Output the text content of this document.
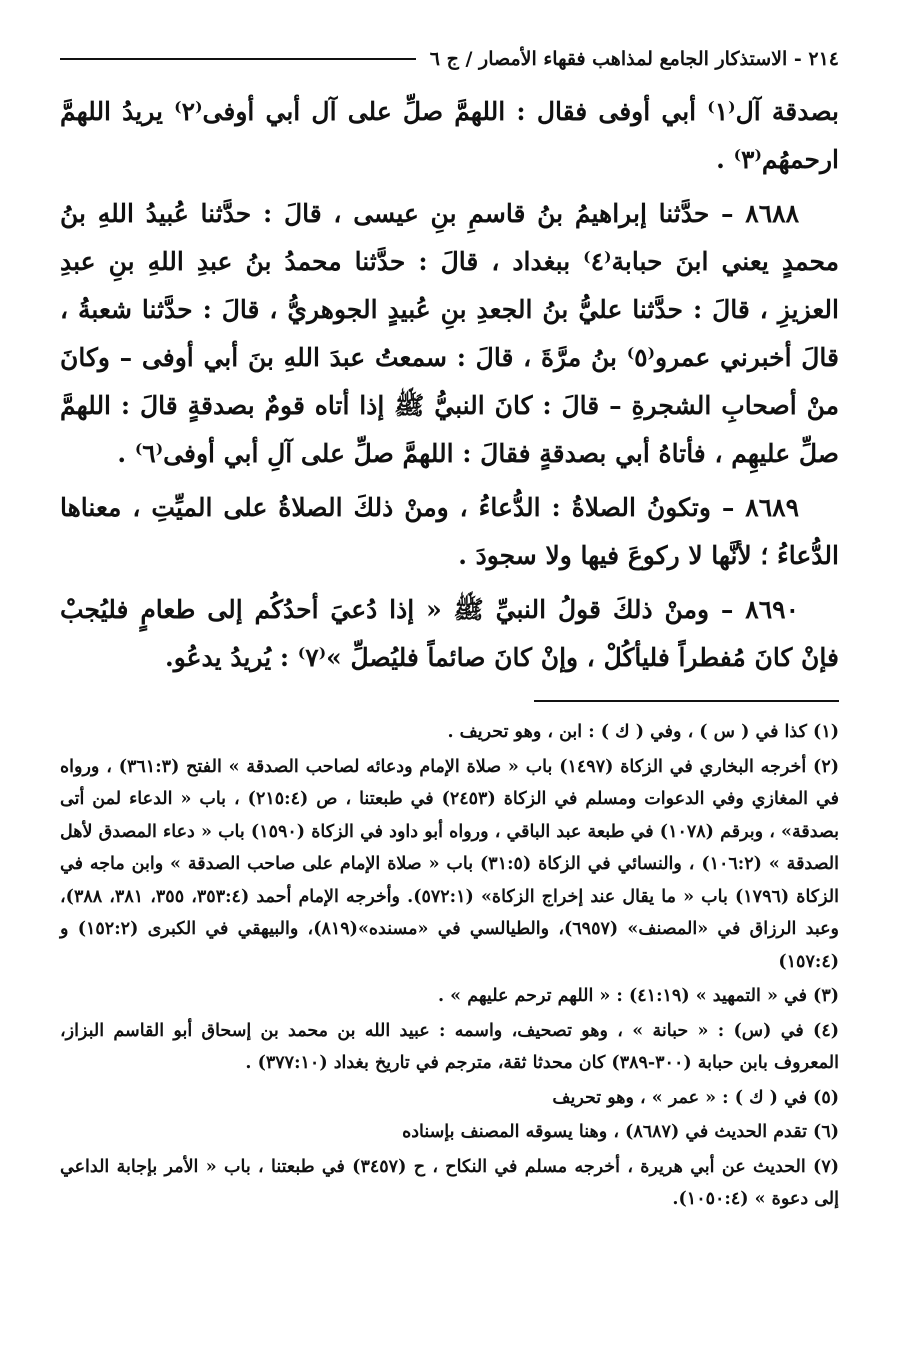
٢١٤ - الاستذكار الجامع لمذاهب فقهاء الأمصار / ج ٦

بصدقة آل⁽١⁾ أبي أوفى فقال : اللهمَّ صلِّ على آل أبي أوفى⁽٢⁾ يريدُ اللهمَّ ارحمهُم⁽٣⁾ .

٨٦٨٨ – حدَّثنا إبراهيمُ بنُ قاسمِ بنِ عيسى ، قالَ : حدَّثنا عُبيدُ اللهِ بنُ محمدٍ يعني ابنَ حبابة⁽٤⁾ ببغداد ، قالَ : حدَّثنا محمدُ بنُ عبدِ اللهِ بنِ عبدِ العزيزِ ، قالَ : حدَّثنا عليُّ بنُ الجعدِ بنِ عُبيدٍ الجوهريُّ ، قالَ : حدَّثنا شعبةُ ، قالَ أخبرني عمرو⁽٥⁾ بنُ مرَّةَ ، قالَ : سمعتُ عبدَ اللهِ بنَ أبي أوفى – وكانَ منْ أصحابِ الشجرةِ – قالَ : كانَ النبيُّ ﷺ إذا أتاه قومٌ بصدقةٍ قالَ : اللهمَّ صلِّ عليهِم ، فأتاهُ أبي بصدقةٍ فقالَ : اللهمَّ صلِّ على آلِ أبي أوفى⁽٦⁾ .

٨٦٨٩ – وتكونُ الصلاةُ : الدُّعاءُ ، ومنْ ذلكَ الصلاةُ على الميِّتِ ، معناها الدُّعاءُ ؛ لأنَّها لا ركوعَ فيها ولا سجودَ .

٨٦٩٠ – ومنْ ذلكَ قولُ النبيِّ ﷺ « إذا دُعيَ أحدُكُم إلى طعامٍ فليُجبْ فإنْ كانَ مُفطراً فليأكُلْ ، وإنْ كانَ صائماً فليُصلِّ »⁽٧⁾ : يُريدُ يدعُو.

(١) كذا في ( س ) ، وفي ( ك ) : ابن ، وهو تحريف .

(٢) أخرجه البخاري في الزكاة (١٤٩٧) باب « صلاة الإمام ودعائه لصاحب الصدقة » الفتح (٣٦١:٣) ، ورواه في المغازي وفي الدعوات ومسلم في الزكاة (٢٤٥٣) في طبعتنا ، ص (٢١٥:٤) ، باب « الدعاء لمن أتى بصدقة» ، وبرقم (١٠٧٨) في طبعة عبد الباقي ، ورواه أبو داود في الزكاة (١٥٩٠) باب « دعاء المصدق لأهل الصدقة » (١٠٦:٢) ، والنسائي في الزكاة (٣١:٥) باب « صلاة الإمام على صاحب الصدقة » وابن ماجه في الزكاة (١٧٩٦) باب « ما يقال عند إخراج الزكاة» (٥٧٢:١). وأخرجه الإمام أحمد (٣٥٣:٤، ٣٥٥، ٣٨١، ٣٨٨)، وعبد الرزاق في «المصنف» (٦٩٥٧)، والطيالسي في «مسنده»(٨١٩)، والبيهقي في الكبرى (١٥٢:٢) و (١٥٧:٤)

(٣) في « التمهيد » (٤١:١٩) : « اللهم ترحم عليهم » .

(٤) في (س) : « حبانة » ، وهو تصحيف، واسمه : عبيد الله بن محمد بن إسحاق أبو القاسم البزاز، المعروف بابن حبابة (٣٠٠-٣٨٩) كان محدثا ثقة، مترجم في تاريخ بغداد (٣٧٧:١٠) .

(٥) في ( ك ) : « عمر » ، وهو تحريف

(٦) تقدم الحديث في (٨٦٨٧) ، وهنا يسوقه المصنف بإسناده

(٧) الحديث عن أبي هريرة ، أخرجه مسلم في النكاح ، ح (٣٤٥٧) في طبعتنا ، باب « الأمر بإجابة الداعي إلى دعوة » (١٠٥٠:٤).
